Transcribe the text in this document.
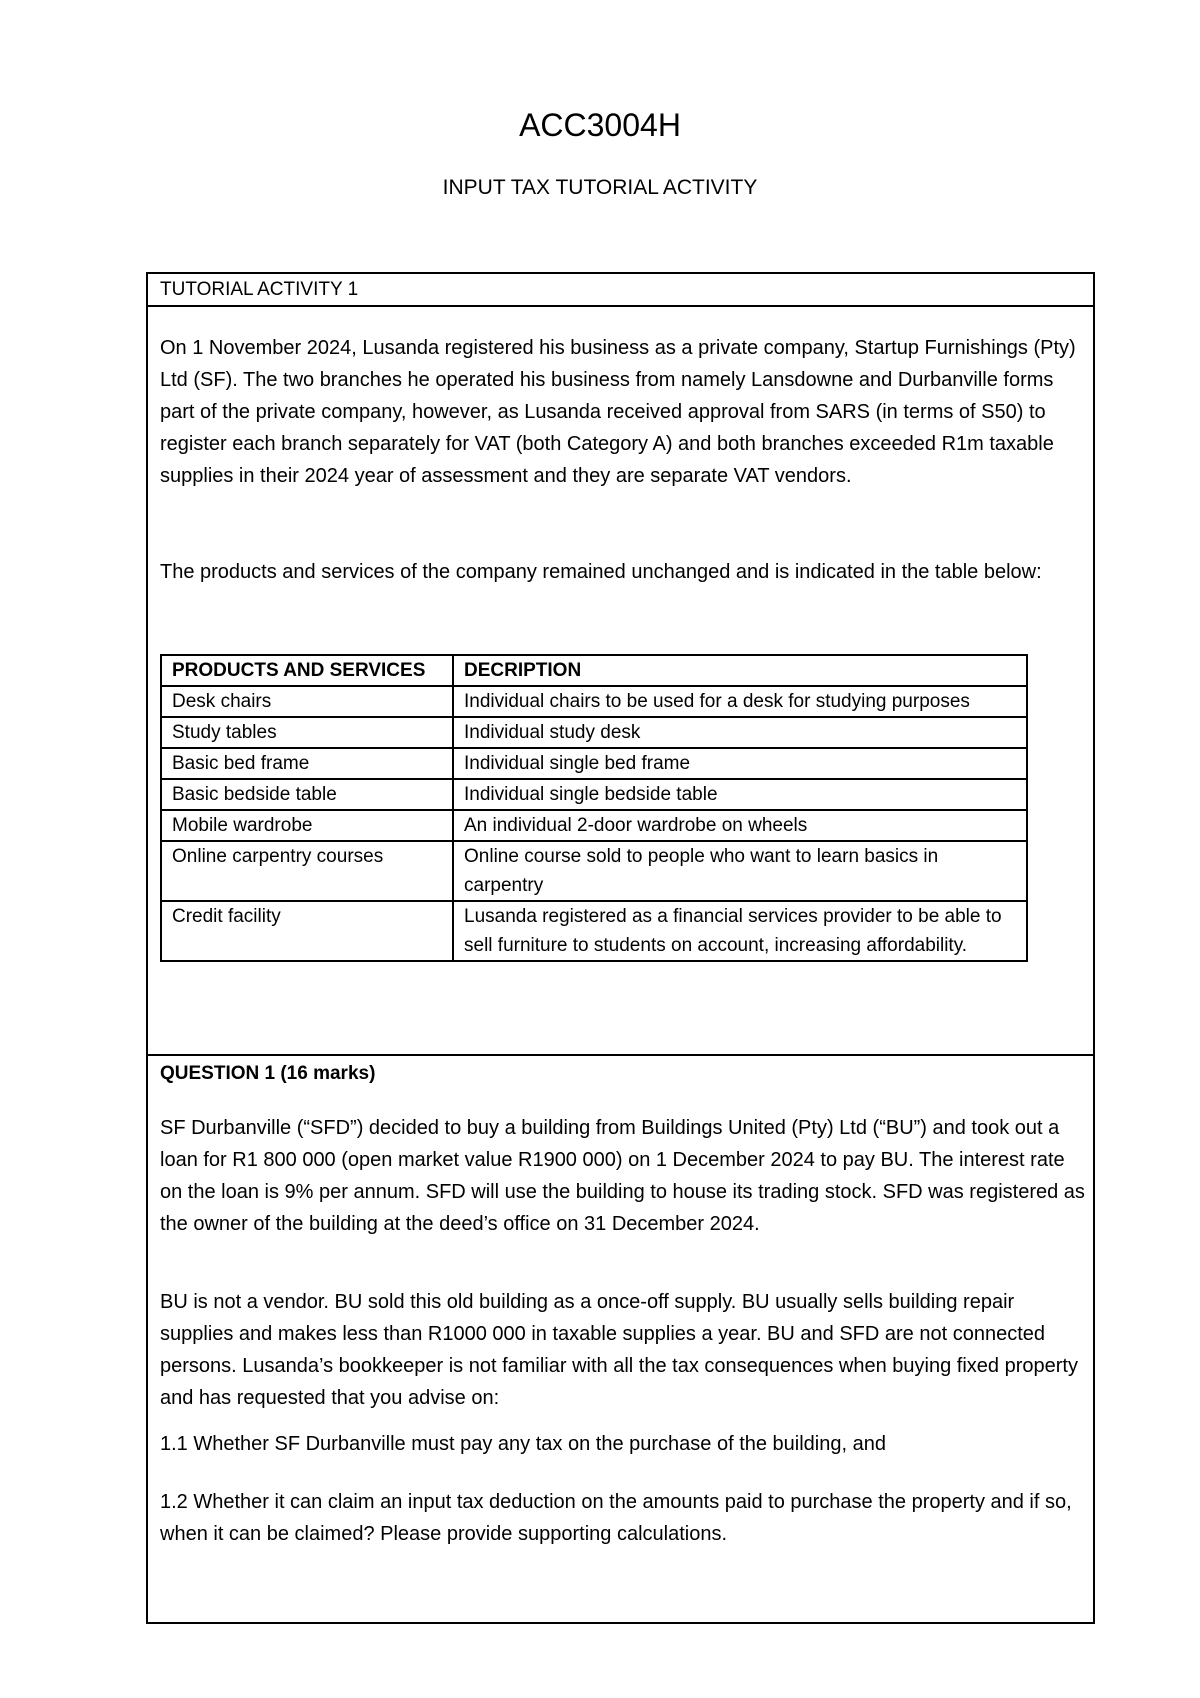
ACC3004H
INPUT TAX TUTORIAL ACTIVITY
TUTORIAL ACTIVITY 1

On 1 November 2024, Lusanda registered his business as a private company, Startup Furnishings (Pty) Ltd (SF). The two branches he operated his business from namely Lansdowne and Durbanville forms part of the private company, however, as Lusanda received approval from SARS (in terms of S50) to register each branch separately for VAT (both Category A) and both branches exceeded R1m taxable supplies in their 2024 year of assessment and they are separate VAT vendors.

The products and services of the company remained unchanged and is indicated in the table below:

PRODUCTS AND SERVICES	DECRIPTION
Desk chairs	Individual chairs to be used for a desk for studying purposes
Study tables	Individual study desk
Basic bed frame	Individual single bed frame
Basic bedside table	Individual single bedside table
Mobile wardrobe	An individual 2-door wardrobe on wheels
Online carpentry courses	Online course sold to people who want to learn basics in carpentry
Credit facility	Lusanda registered as a financial services provider to be able to sell furniture to students on account, increasing affordability.
QUESTION 1 (16 marks)

SF Durbanville (“SFD”) decided to buy a building from Buildings United (Pty) Ltd (“BU”) and took out a loan for R1 800 000 (open market value R1900 000) on 1 December 2024 to pay BU. The interest rate on the loan is 9% per annum. SFD will use the building to house its trading stock. SFD was registered as the owner of the building at the deed’s office on 31 December 2024.

BU is not a vendor. BU sold this old building as a once-off supply. BU usually sells building repair supplies and makes less than R1000 000 in taxable supplies a year. BU and SFD are not connected persons. Lusanda’s bookkeeper is not familiar with all the tax consequences when buying fixed property and has requested that you advise on:

1.1 Whether SF Durbanville must pay any tax on the purchase of the building, and

1.2 Whether it can claim an input tax deduction on the amounts paid to purchase the property and if so, when it can be claimed? Please provide supporting calculations.
